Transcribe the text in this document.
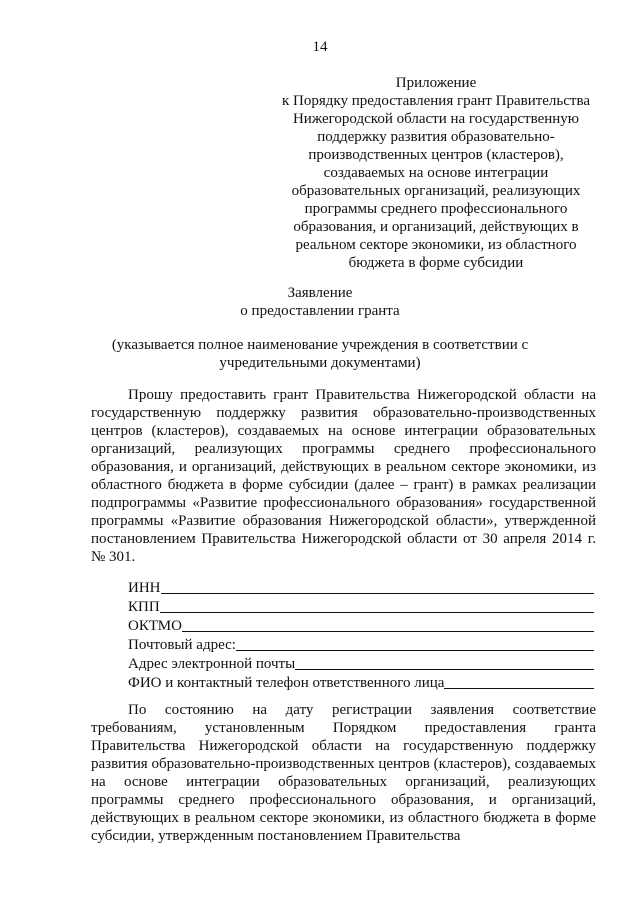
14
Приложение
к Порядку предоставления грант Правительства
Нижегородской области на государственную
поддержку развития образовательно-
производственных центров (кластеров),
создаваемых на основе интеграции
образовательных организаций, реализующих
программы среднего профессионального
образования, и организаций, действующих в
реальном секторе экономики, из областного
бюджета в форме субсидии
Заявление
о предоставлении гранта
(указывается полное наименование учреждения в соответствии с
учредительными документами)
Прошу предоставить грант Правительства Нижегородской области на государственную поддержку развития образовательно-производственных центров (кластеров), создаваемых на основе интеграции образовательных организаций, реализующих программы среднего профессионального образования, и организаций, действующих в реальном секторе экономики, из областного бюджета в форме субсидии (далее – грант) в рамках реализации подпрограммы «Развитие профессионального образования» государственной программы «Развитие образования Нижегородской области», утвержденной постановлением Правительства Нижегородской области от 30 апреля 2014 г. № 301.
ИНН
КПП
ОКТМО
Почтовый адрес:
Адрес электронной почты
ФИО и контактный телефон ответственного лица
По состоянию на дату регистрации заявления соответствие требованиям, установленным Порядком предоставления гранта Правительства Нижегородской области на государственную поддержку развития образовательно-производственных центров (кластеров), создаваемых на основе интеграции образовательных организаций, реализующих программы среднего профессионального образования, и организаций, действующих в реальном секторе экономики, из областного бюджета в форме субсидии, утвержденным постановлением Правительства
